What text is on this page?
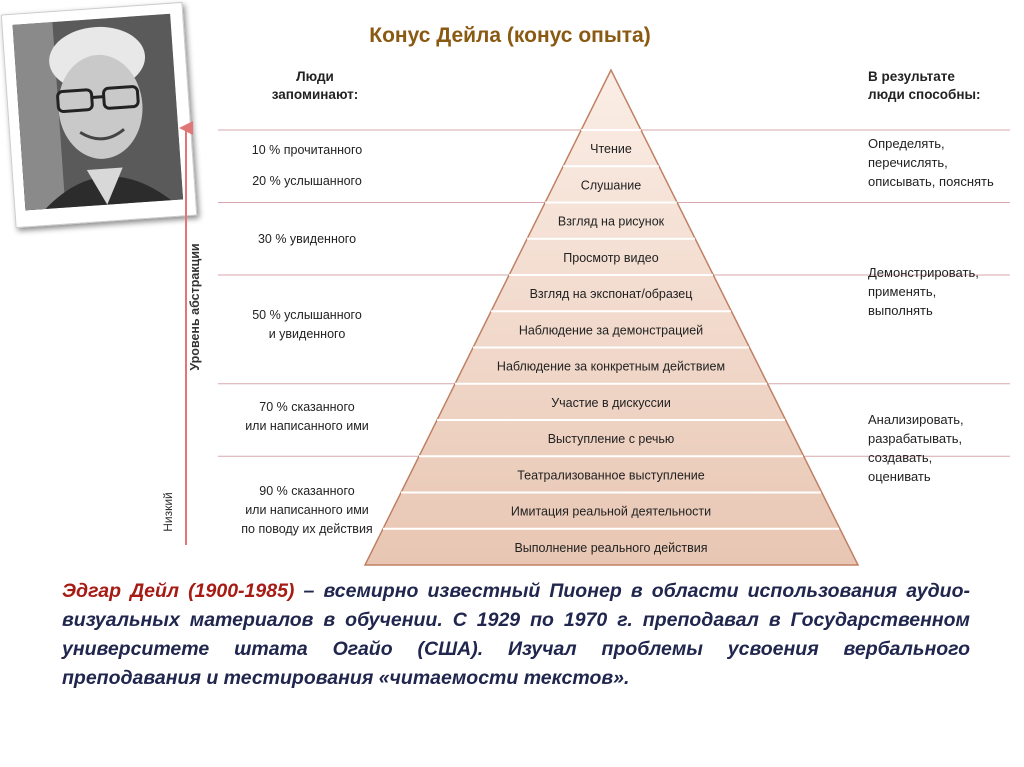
Конус Дейла (конус опыта)
Люди
запоминают:
В результате
люди способны:
Чтение
Слушание
Взгляд на рисунок
Просмотр видео
Взгляд на экспонат/образец
Наблюдение за демонстрацией
Наблюдение за конкретным действием
Участие в дискуссии
Выступление с речью
Театрализованное выступление
Имитация реальной деятельности
Выполнение реального действия
Уровень абстракции
Низкий
10 % прочитанного
20 % услышанного
30 % увиденного
50 % услышанного
и увиденного
70 % сказанного
или написанного ими
90 % сказанного
или написанного ими
по поводу их действия
Определять,
перечислять,
описывать, пояснять
Демонстрировать,
применять,
выполнять
Анализировать,
разрабатывать,
создавать,
оценивать
Эдгар Дейл (1900-1985) – всемирно известный Пионер в области использования аудио-визуальных материалов в обучении. С 1929 по 1970 г. преподавал в Государственном университете штата Огайо (США). Изучал проблемы усвоения вербального преподавания и тестирования «читаемости текстов».
